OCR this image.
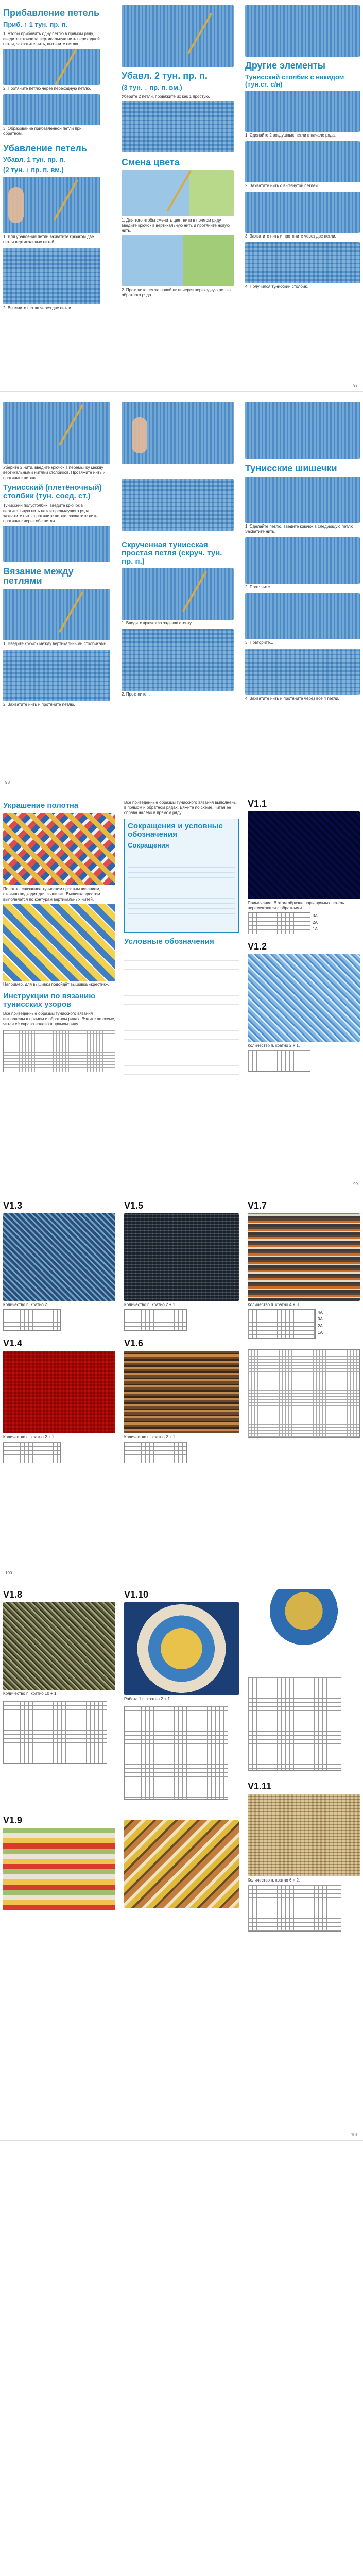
Прибавление петель
Приб. ↑ 1 тун. пр. п.
1. Чтобы прибавить одну петлю в прямом ряду, введите крючок за вертикальную нить переходной петли, захватите нить, вытяните петлю.
2. Протяните петлю через переходную петлю.
3. Образование прибавленной петли при обратном.
Убавление петель
Убавл. 1 тун. пр. п.
(2 тун. ↓ пр. п. вм.)
1. Для убавления петли захватите крючком две петли вертикальных нитей.
2. Вытяните петлю через две петли.
Убавл. 2 тун. пр. п.
(3 тун. ↓ пр. п. вм.)
Уберите 2 петли, провяжите их как 1 простую.
Смена цвета
1. Для того чтобы сменить цвет нити в прямом ряду, введите крючок в вертикальную нить и протяните новую нить.
2. Протяните петлю новой нити через переходную петлю обратного ряда.
Другие элементы
Тунисский столбик с накидом (тун.ст. с/н)
1. Сделайте 2 воздушных петли в начале ряда.
2. Захватите нить с вытянутой петлей.
3. Захватите нить и протяните через две петли.
4. Получился тунисский столбик.
97
Уберите 2 нити, введите крючок в перемычку между вертикальными нитями столбиков. Провяжите нить и протяните петлю.
Тунисский (плетёночный) столбик (тун. соед. ст.)
Тунисский полустолбик: введите крючок в вертикальную нить петли предыдущего ряда, захватите нить, протяните петлю, захватите нить, протяните через обе петли.
Вязание между петлями
1. Введите крючок между вертикальными столбиками.
2. Захватите нить и протяните петлю.
Скрученная тунисская простая петля (скруч. тун. пр. п.)
1. Введите крючок за заднюю стенку.
2. Протяните...
Тунисские шишечки
1. Сделайте петлю, введите крючок в следующую петлю. Захватите нить.
2. Протяните...
3. Повторите...
4. Захватите нить и протяните через все 4 петли.
98
Украшение полотна
Полотно, связанное тунисским простым вязанием, отлично подходит для вышивки. Вышивка крестом выполняется по контурам вертикальных нитей.
Например, для вышивки подойдёт вышивка «крестик».
Инструкции по вязанию тунисских узоров
Все приведённые образцы тунисского вязания выполнены в прямом и обратном рядах. Вяжите по схеме, читая её справа налево в прямом ряду.
Все приведённые образцы тунисского вязания выполнены в прямом и обратном рядах. Вяжите по схеме, читая её справа налево в прямом ряду.
Сокращения и условные обозначения
Сокращения
Условные обозначения
V1.1
Примечание: В этом образце пары прямых петель перемежаются с обратными.
3A
2A
1A
V1.2
Количество п. кратно 2 + 1.
99
V1.3
Количество п. кратно 2.
V1.4
Количество п. кратно 2 + 1.
V1.5
Количество п. кратно 2 + 1.
V1.6
Количество п. кратно 2 + 1.
V1.7
Количество п. кратно 4 + 3.
4A
3A
2A
1A
100
V1.8
Количество п. кратно 10 + 1.
V1.9
V1.10
Работа 1 п. кратно 2 + 1.
V1.11
Количество п. кратно 6 + 2.
101
